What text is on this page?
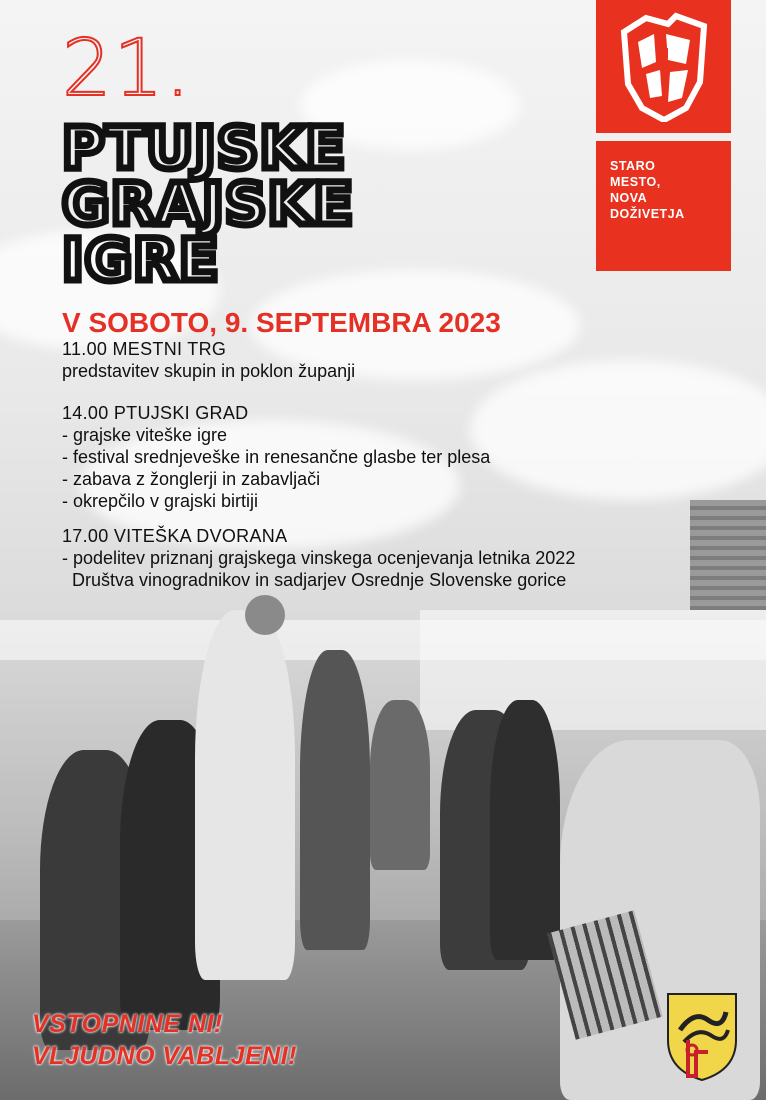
21.
PTUJSKE
GRAJSKE
IGRE
STARO
MESTO,
NOVA
DOŽIVETJA
V SOBOTO, 9. SEPTEMBRA 2023
11.00 MESTNI TRG
predstavitev skupin in poklon županji
14.00 PTUJSKI GRAD
- grajske viteške igre
- festival srednjeveške in renesančne glasbe ter plesa
- zabava z žonglerji in zabavljači
- okrepčilo v grajski birtiji
17.00 VITEŠKA DVORANA
- podelitev priznanj grajskega vinskega ocenjevanja letnika 2022
Društva vinogradnikov in sadjarjev Osrednje Slovenske gorice
VSTOPNINE NI!
VLJUDNO VABLJENI!
